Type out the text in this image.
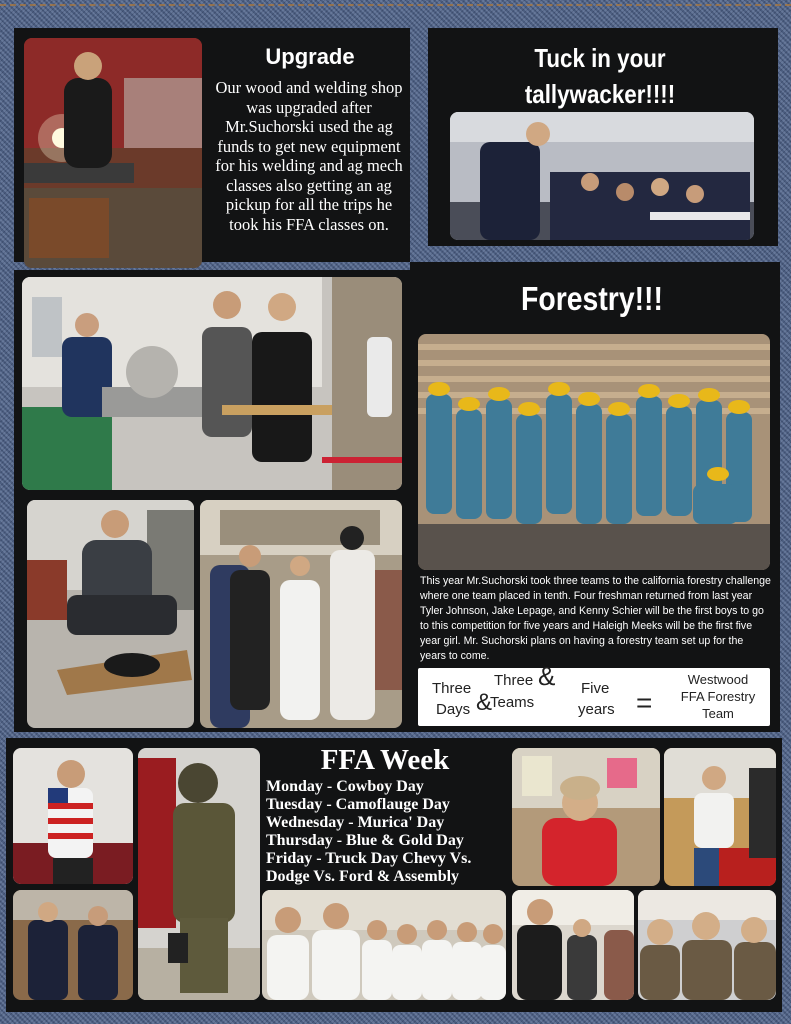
Upgrade
Our wood and welding shop was upgraded after Mr.Suchorski used the ag funds to get new equipment for his welding and ag mech classes also getting an ag pickup for all the trips he took his FFA classes on.
Tuck in your
tallywacker!!!!
Forestry!!!
This year Mr.Suchorski took three teams to the california forestry challenge where one team placed in tenth. Four freshman returned from last year Tyler Johnson, Jake Lepage, and Kenny Schier will be the first boys to go to this competition for five years and Haleigh Meeks will be the first five year girl. Mr. Suchorski plans on having a forestry team set up for the years to come.
Three
Days &
Three
Teams
& Five
years =
Westwood
FFA Forestry
Team
FFA Week
Monday - Cowboy Day
Tuesday - Camoflauge Day
Wednesday - Murica' Day
Thursday - Blue & Gold Day
Friday - Truck Day Chevy Vs.
Dodge Vs. Ford & Assembly
